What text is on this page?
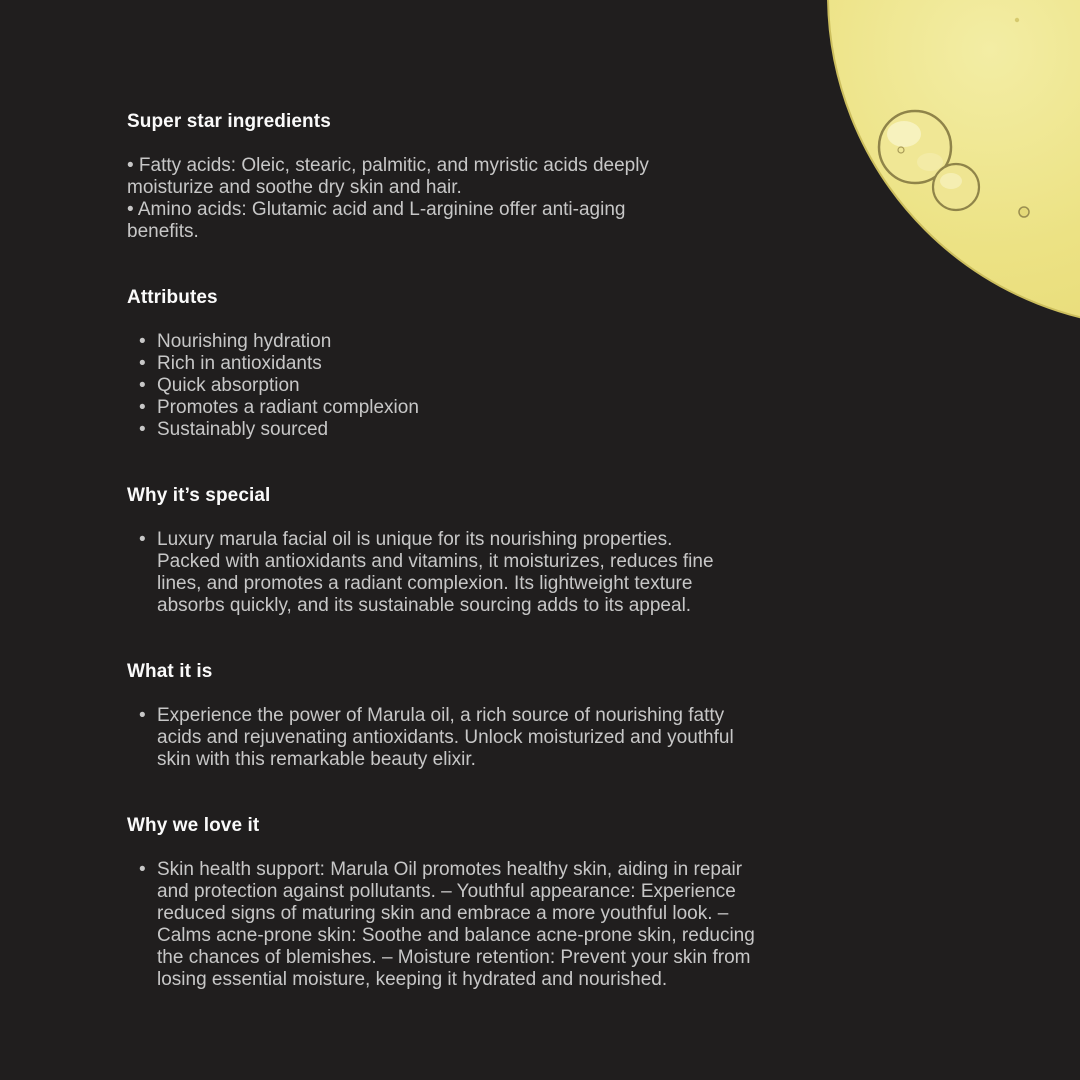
Super star ingredients

• Fatty acids: Oleic, stearic, palmitic, and myristic acids deeply
moisturize and soothe dry skin and hair.

• Amino acids: Glutamic acid and L-arginine offer anti-aging
benefits.

Attributes
• Nourishing hydration
• Rich in antioxidants
• Quick absorption
• Promotes a radiant complexion
• Sustainably sourced
Why it’s special
• Luxury marula facial oil is unique for its nourishing properties.
Packed with antioxidants and vitamins, it moisturizes, reduces fine
lines, and promotes a radiant complexion. Its lightweight texture
absorbs quickly, and its sustainable sourcing adds to its appeal.
What it is
• Experience the power of Marula oil, a rich source of nourishing fatty
acids and rejuvenating antioxidants. Unlock moisturized and youthful
skin with this remarkable beauty elixir.
Why we love it
• Skin health support: Marula Oil promotes healthy skin, aiding in repair
and protection against pollutants. – Youthful appearance: Experience
reduced signs of maturing skin and embrace a more youthful look. –
Calms acne-prone skin: Soothe and balance acne-prone skin, reducing
the chances of blemishes. – Moisture retention: Prevent your skin from
losing essential moisture, keeping it hydrated and nourished.
